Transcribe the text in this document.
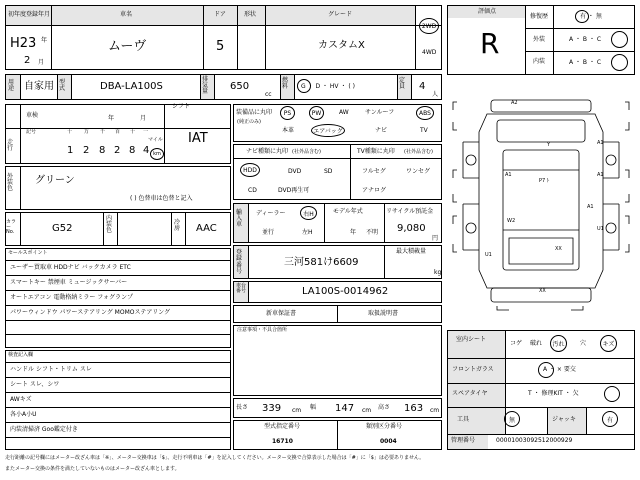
初年度登録年月
H23 年
2 月
車名
ムーヴ
ドア
5
形状	グレード
カスタムX
2WD
4WD
用途 自家用 型式	DBA-LA100S
排気量	650
cc
燃料	G ・ D ・ HV ・ ( )
定員	4
人
評価点
R
修復歴	有 ・ 無
外装	A ・ B ・ C
内装	A ・ B ・ C
車検	年	月
シフト
IAT
走行
記号	十 万 千 百 十 一
1 2 8 2 8 4
マイル
km
外装色
グリーン
( ) 色替車は色替と記入
カラー No.	G52
内装色
冷房	AAC
セールスポイント
ユーザー買取車 HDDナビ バックカメラ ETC
スマートキー 禁煙車 ミュージックサーバー
オートエアコン 電動格納ミラー フォグランプ
パワーウィンドウ パワーステアリング MOMOステアリング
検査記入欄
ハンドル シフト・トリム スレ
シート スレ、シワ
AWキズ
各小A小U
内装清掃済 Goo鑑定付き
装備品に丸印
(純正のみ)
PS	PW	AW	サンルーフ	ABS
本革	エアバッグ	ナビ	TV
ナビ種類に丸印 (社外品含む)	TV種類に丸印 (社外品含む)
HDD	DVD	SD
CD	DVD再生可
フルセグ	ワンセグ
アナログ
輸入車
ディーラー	右H
並行	左H
モデル年式
年 不明
リサイクル預託金
9,080
円
登録番号
三河581け6609
最大積載量
kg
車台番号	LA100S-0014962
新車保証書	取扱説明書
注意事項・不具合箇所
長さ 339 cm 幅 147 cm 高さ 163 cm
型式指定番号
16710
類別区分番号
0004
A2
A1	A1
W2
XX
U1
A1
U1
XX
Y
P7ト
A1
室内シート
コゲ 破れ 汚れ	穴	キズ
フロントガラス	A ・ × 要交
スペアタイヤ	T ・ 修理KIT ・ 欠
工具	無	ジャッキ	有
管理番号	00001003092512000929
走行距離の記号欄にはメーター改ざん車は「※」、メーター交換車は「$」、走行不明車は「#」を記入してください。メーター交換で合算表示した場合は「#」に「$」は必要ありません。
またメーター交換の条件を満たしていないものはメーター改ざん車とします。
